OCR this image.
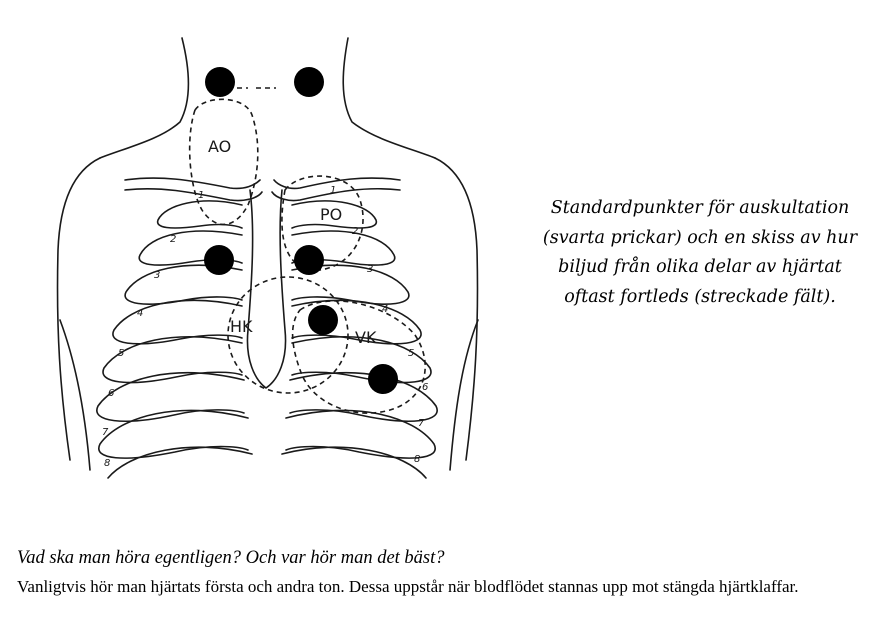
1
2
3
4
5
6
7
8
1
2
3
4
5
6
7
8
AO
PO
HK
VK
Standardpunkter för auskultation
(svarta prickar) och en skiss av hur
biljud från olika delar av hjärtat
oftast fortleds (streckade fält).
Vad ska man höra egentligen? Och var hör man det bäst?
Vanligtvis hör man hjärtats första och andra ton. Dessa uppstår när blodflödet stannas upp mot stängda hjärtklaffar.
